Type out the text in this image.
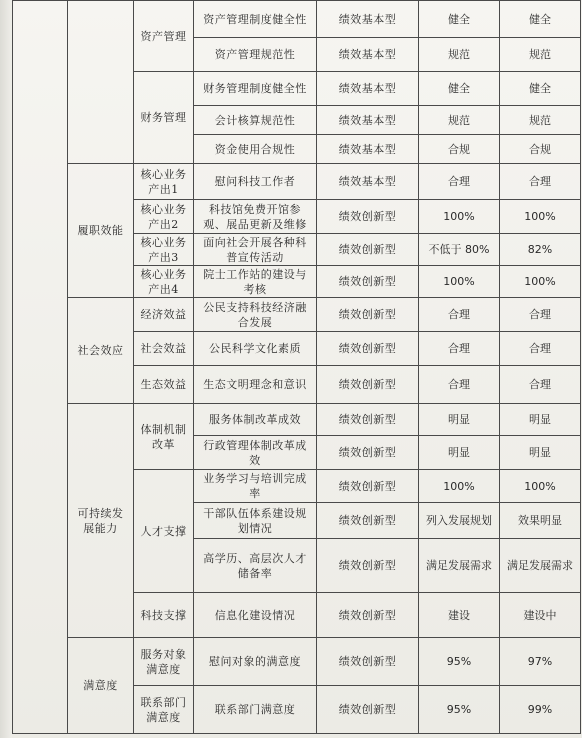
		资产管理	资产管理制度健全性	绩效基本型	健全	健全
			资产管理规范性	绩效基本型	规范	规范
		财务管理	财务管理制度健全性	绩效基本型	健全	健全
			会计核算规范性	绩效基本型	规范	规范
			资金使用合规性	绩效基本型	合规	合规
	履职效能	核心业务产出1	慰问科技工作者	绩效基本型	合理	合理
		核心业务产出2	科技馆免费开馆参观、展品更新及维修	绩效创新型	100%	100%
		核心业务产出3	面向社会开展各种科普宣传活动	绩效创新型	不低于 80%	82%
		核心业务产出4	院士工作站的建设与考核	绩效创新型	100%	100%
	社会效应	经济效益	公民支持科技经济融合发展	绩效创新型	合理	合理
		社会效益	公民科学文化素质	绩效创新型	合理	合理
		生态效益	生态文明理念和意识	绩效创新型	合理	合理
	可持续发展能力	体制机制改革	服务体制改革成效	绩效创新型	明显	明显
			行政管理体制改革成效	绩效创新型	明显	明显
		人才支撑	业务学习与培训完成率	绩效创新型	100%	100%
			干部队伍体系建设规划情况	绩效创新型	列入发展规划	效果明显
			高学历、高层次人才储备率	绩效创新型	满足发展需求	满足发展需求
		科技支撑	信息化建设情况	绩效创新型	建设	建设中
	满意度	服务对象满意度	慰问对象的满意度	绩效创新型	95%	97%
		联系部门满意度	联系部门满意度	绩效创新型	95%	99%
